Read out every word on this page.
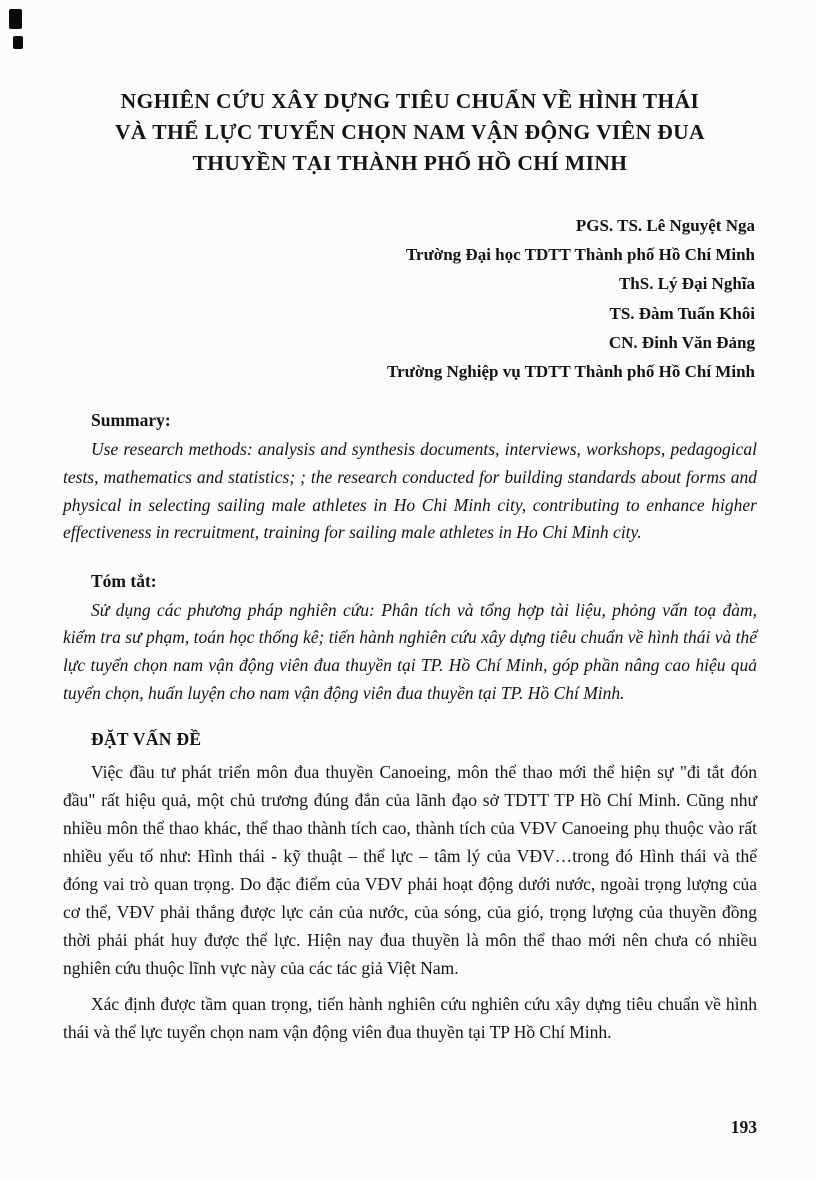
NGHIÊN CỨU XÂY DỰNG TIÊU CHUẨN VỀ HÌNH THÁI
VÀ THỂ LỰC TUYỂN CHỌN NAM VẬN ĐỘNG VIÊN ĐUA
THUYỀN TẠI THÀNH PHỐ HỒ CHÍ MINH
PGS. TS. Lê Nguyệt Nga
Trường Đại học TDTT Thành phố Hồ Chí Minh
ThS. Lý Đại Nghĩa
TS. Đàm Tuấn Khôi
CN. Đinh Văn Đảng
Trường Nghiệp vụ TDTT Thành phố Hồ Chí Minh
Summary:

Use research methods: analysis and synthesis documents, interviews, workshops, pedagogical tests, mathematics and statistics; ; the research conducted for building standards about forms and physical in selecting sailing male athletes in Ho Chi Minh city, contributing to enhance higher effectiveness in recruitment, training for sailing male athletes in Ho Chi Minh city.

Tóm tắt:

Sử dụng các phương pháp nghiên cứu: Phân tích và tổng hợp tài liệu, phỏng vấn toạ đàm, kiểm tra sư phạm, toán học thống kê; tiến hành nghiên cứu xây dựng tiêu chuẩn về hình thái và thể lực tuyển chọn nam vận động viên đua thuyền tại TP. Hồ Chí Minh, góp phần nâng cao hiệu quả tuyển chọn, huấn luyện cho nam vận động viên đua thuyền tại TP. Hồ Chí Minh.

ĐẶT VẤN ĐỀ

Việc đầu tư phát triển môn đua thuyền Canoeing, môn thể thao mới thể hiện sự "đi tắt đón đầu" rất hiệu quả, một chủ trương đúng đắn của lãnh đạo sở TDTT TP Hồ Chí Minh. Cũng như nhiều môn thể thao khác, thể thao thành tích cao, thành tích của VĐV Canoeing phụ thuộc vào rất nhiều yếu tố như: Hình thái - kỹ thuật – thể lực – tâm lý của VĐV…trong đó Hình thái và thể đóng vai trò quan trọng. Do đặc điểm của VĐV phải hoạt động dưới nước, ngoài trọng lượng của cơ thể, VĐV phải thắng được lực cản của nước, của sóng, của gió, trọng lượng của thuyền đồng thời phải phát huy được thể lực. Hiện nay đua thuyền là môn thể thao mới nên chưa có nhiều nghiên cứu thuộc lĩnh vực này của các tác giả Việt Nam.

Xác định được tầm quan trọng, tiến hành nghiên cứu nghiên cứu xây dựng tiêu chuẩn về hình thái và thể lực tuyển chọn nam vận động viên đua thuyền tại TP Hồ Chí Minh.

193
